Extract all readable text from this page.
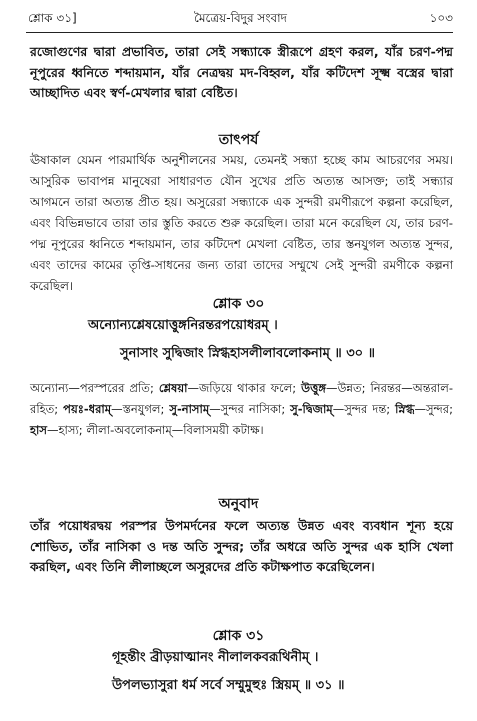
শ্লোক ৩১]	মৈত্রেয়-বিদুর সংবাদ	১০৩
রজোগুণের দ্বারা প্রভাবিত, তারা সেই সন্ধ্যাকে স্ত্রীরূপে গ্রহণ করল, যাঁর চরণ-পদ্ম নূপুরের ধ্বনিতে শব্দায়মান, যাঁর নেত্রদ্বয় মদ-বিহ্বল, যাঁর কটিদেশ সূক্ষ্ম বস্ত্রের দ্বারা আচ্ছাদিত এবং স্বর্ণ-মেখলার দ্বারা বেষ্টিত।
তাৎপর্য
ঊষাকাল যেমন পারমার্থিক অনুশীলনের সময়, তেমনই সন্ধ্যা হচ্ছে কাম আচরণের সময়। আসুরিক ভাবাপন্ন মানুষেরা সাধারণত যৌন সুখের প্রতি অত্যন্ত আসক্ত; তাই সন্ধ্যার আগমনে তারা অত্যন্ত প্রীত হয়। অসুরেরা সন্ধ্যাকে এক সুন্দরী রমণীরূপে কল্পনা করেছিল, এবং বিভিন্নভাবে তারা তার স্তুতি করতে শুরু করেছিল। তারা মনে করেছিল যে, তার চরণ-পদ্ম নূপুরের ধ্বনিতে শব্দায়মান, তার কটিদেশ মেখলা বেষ্টিত, তার স্তনযুগল অত্যন্ত সুন্দর, এবং তাদের কামের তৃপ্তি-সাধনের জন্য তারা তাদের সম্মুখে সেই সুন্দরী রমণীকে কল্পনা করেছিল।
শ্লোক ৩০
অন্যোন্যশ্লেষয়োত্তুঙ্গনিরন্তরপয়োধরম্ ।
সুনাসাং সুদ্বিজাং স্নিগ্ধহাসলীলাবলোকনাম্ ॥ ৩০ ॥
অন্যোন্য—পরস্পরের প্রতি; শ্লেষয়া—জড়িয়ে থাকার ফলে; উত্তুঙ্গ—উন্নত; নিরন্তর—অন্তরাল-রহিত; পয়ঃ-ধরাম্—স্তনযুগল; সু-নাসাম্—সুন্দর নাসিকা; সু-দ্বিজাম্—সুন্দর দন্ত; স্নিগ্ধ—সুন্দর; হাস—হাস্য; লীলা-অবলোকনাম্—বিলাসময়ী কটাক্ষ।
অনুবাদ
তাঁর পয়োধরদ্বয় পরস্পর উপমর্দনের ফলে অত্যন্ত উন্নত এবং ব্যবধান শূন্য হয়ে শোভিত, তাঁর নাসিকা ও দন্ত অতি সুন্দর; তাঁর অধরে অতি সুন্দর এক হাসি খেলা করছিল, এবং তিনি লীলাচ্ছলে অসুরদের প্রতি কটাক্ষপাত করেছিলেন।
শ্লোক ৩১
গূহন্তীং ব্রীড়য়াত্মানং নীলালকবরূথিনীম্ ।
উপলভ্যাসুরা ধর্ম সর্বে সম্মুমুহুঃ স্ত্রিয়ম্ ॥ ৩১ ॥
